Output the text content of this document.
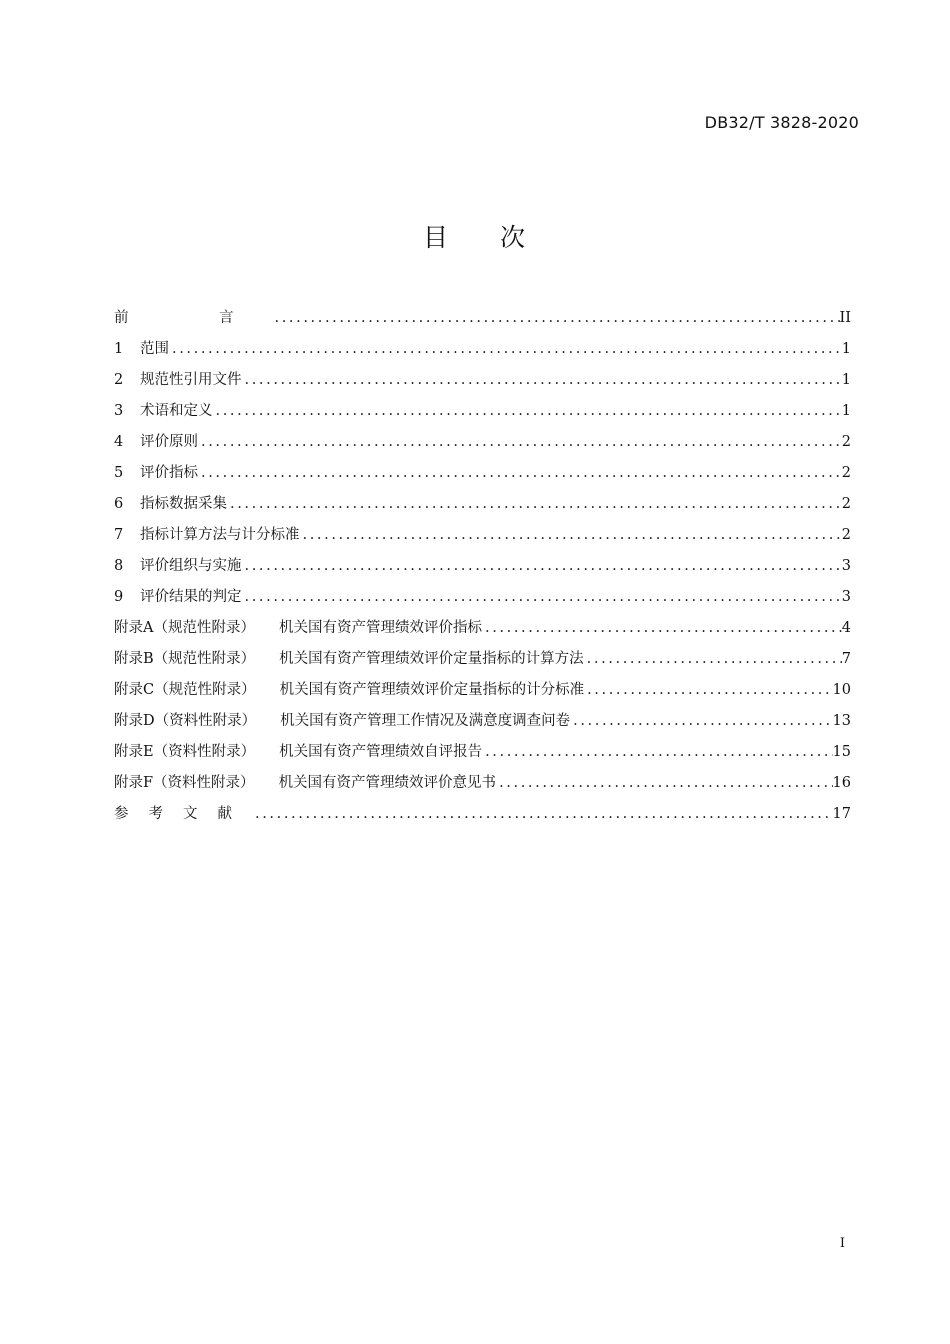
DB32/T 3828-2020
目 次
前　言 .....	II
1	范围 .....	1
2	规范性引用文件 .....	1
3	术语和定义 .....	1
4	评价原则 .....	2
5	评价指标 .....	2
6	指标数据采集 .....	2
7	指标计算方法与计分标准 .....	2
8	评价组织与实施 .....	3
9	评价结果的判定 .....	3
附录A（规范性附录） 机关国有资产管理绩效评价指标 .....	4
附录B（规范性附录） 机关国有资产管理绩效评价定量指标的计算方法 .....	7
附录C（规范性附录） 机关国有资产管理绩效评价定量指标的计分标准 .....	10
附录D（资料性附录） 机关国有资产管理工作情况及满意度调查问卷 .....	13
附录E（资料性附录） 机关国有资产管理绩效自评报告 .....	15
附录F（资料性附录） 机关国有资产管理绩效评价意见书 .....	16
参考文献 .....	17
I
